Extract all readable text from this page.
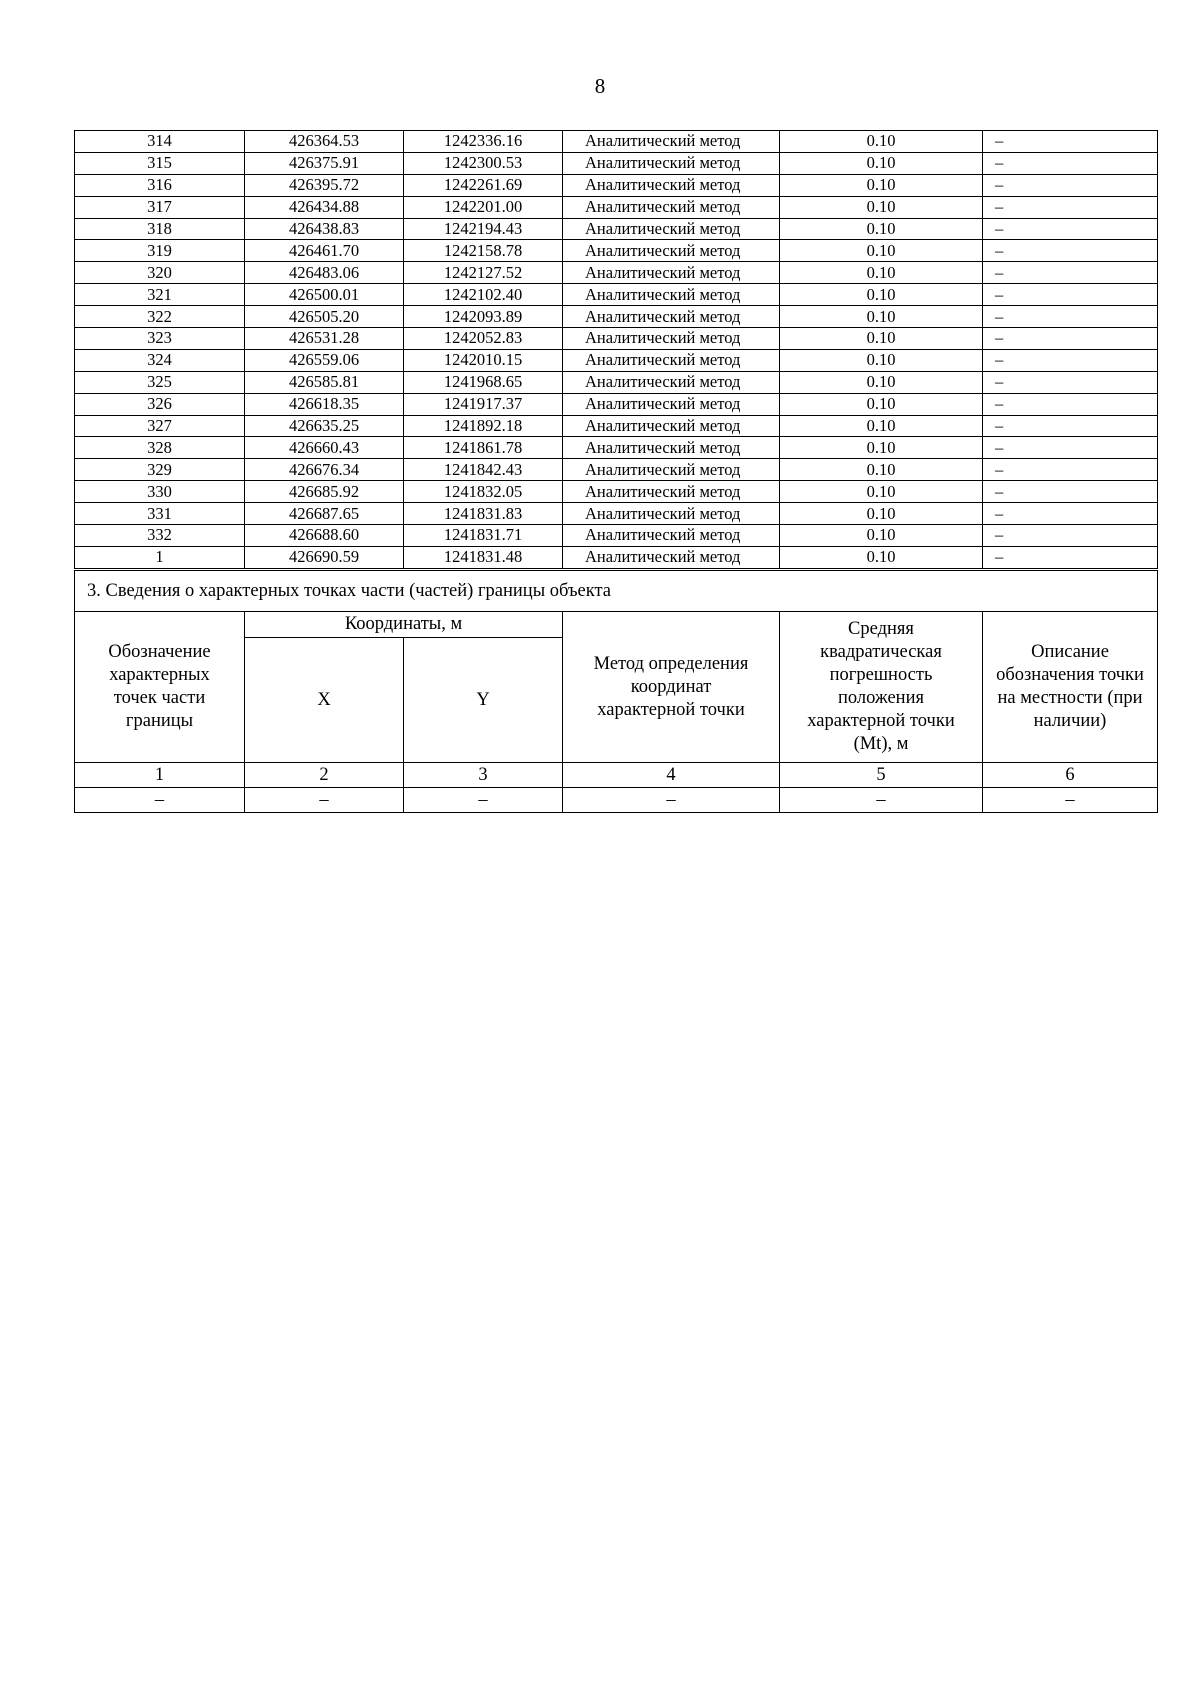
8
314	426364.53	1242336.16	Аналитический метод	0.10	–
315	426375.91	1242300.53	Аналитический метод	0.10	–
316	426395.72	1242261.69	Аналитический метод	0.10	–
317	426434.88	1242201.00	Аналитический метод	0.10	–
318	426438.83	1242194.43	Аналитический метод	0.10	–
319	426461.70	1242158.78	Аналитический метод	0.10	–
320	426483.06	1242127.52	Аналитический метод	0.10	–
321	426500.01	1242102.40	Аналитический метод	0.10	–
322	426505.20	1242093.89	Аналитический метод	0.10	–
323	426531.28	1242052.83	Аналитический метод	0.10	–
324	426559.06	1242010.15	Аналитический метод	0.10	–
325	426585.81	1241968.65	Аналитический метод	0.10	–
326	426618.35	1241917.37	Аналитический метод	0.10	–
327	426635.25	1241892.18	Аналитический метод	0.10	–
328	426660.43	1241861.78	Аналитический метод	0.10	–
329	426676.34	1241842.43	Аналитический метод	0.10	–
330	426685.92	1241832.05	Аналитический метод	0.10	–
331	426687.65	1241831.83	Аналитический метод	0.10	–
332	426688.60	1241831.71	Аналитический метод	0.10	–
1	426690.59	1241831.48	Аналитический метод	0.10	–
3. Сведения о характерных точках части (частей) границы объекта					
Обозначение характерных точек части границы	Координаты, м		Метод определения координат характерной точки	Средняя квадратическая погрешность положения характерной точки (Mt), м	Описание обозначения точки на местности (при наличии)
	X	Y			
1	2	3	4	5	6
–	–	–	–	–	–
